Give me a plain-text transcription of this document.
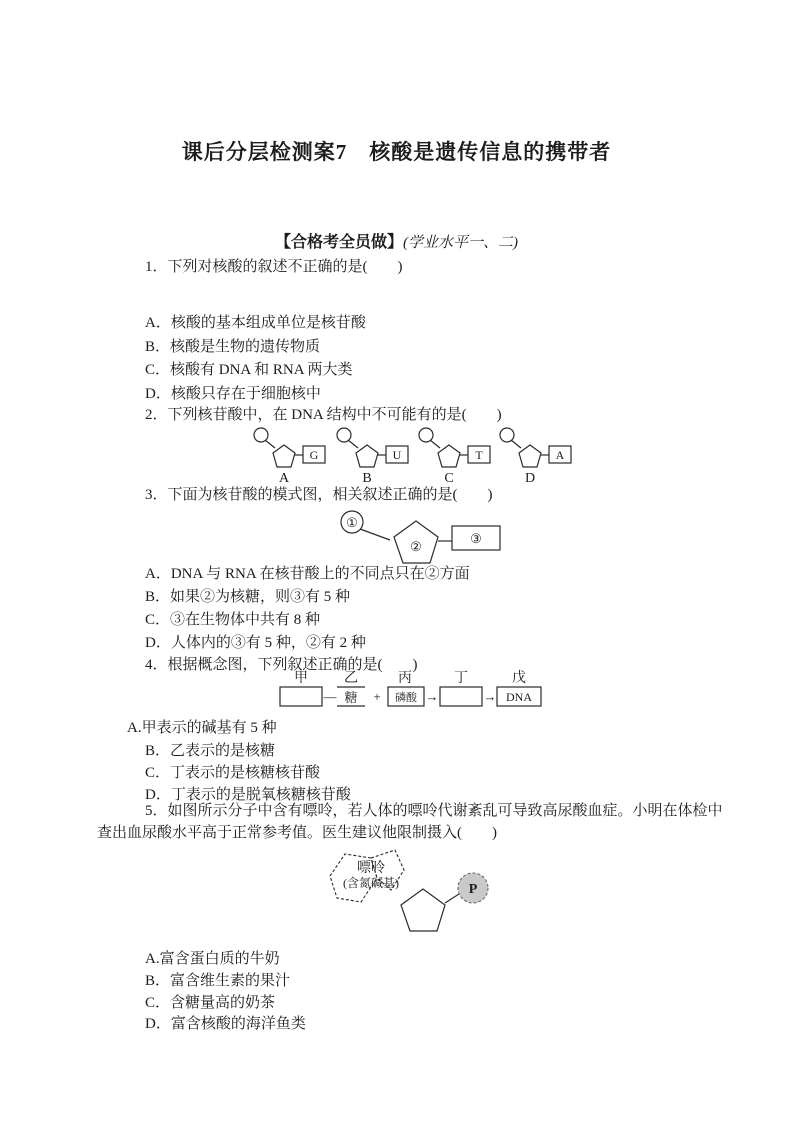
课后分层检测案7　核酸是遗传信息的携带者
【合格考全员做】(学业水平一、二)
1．下列对核酸的叙述不正确的是(　　)
A．核酸的基本组成单位是核苷酸
B．核酸是生物的遗传物质
C．核酸有 DNA 和 RNA 两大类
D．核酸只存在于细胞核中
2．下列核苷酸中，在 DNA 结构中不可能有的是(　　)
G
A
U
B
T
C
A
D
3．下面为核苷酸的模式图，相关叙述正确的是(　　)
①
②
③
A．DNA 与 RNA 在核苷酸上的不同点只在②方面
B．如果②为核糖，则③有 5 种
C．③在生物体中共有 8 种
D．人体内的③有 5 种，②有 2 种
4．根据概念图，下列叙述正确的是(　　)
甲
—
乙
糖 +
丙
磷酸 →
丁
→
戊
DNA
A.甲表示的碱基有 5 种
B．乙表示的是核糖
C．丁表示的是核糖核苷酸
D．丁表示的是脱氧核糖核苷酸
5．如图所示分子中含有嘌呤，若人体的嘌呤代谢紊乱可导致高尿酸血症。小明在体检中
查出血尿酸水平高于正常参考值。医生建议他限制摄入(　　)
嘌呤
(含氮碱基)	P
A.富含蛋白质的牛奶
B．富含维生素的果汁
C．含糖量高的奶茶
D．富含核酸的海洋鱼类
